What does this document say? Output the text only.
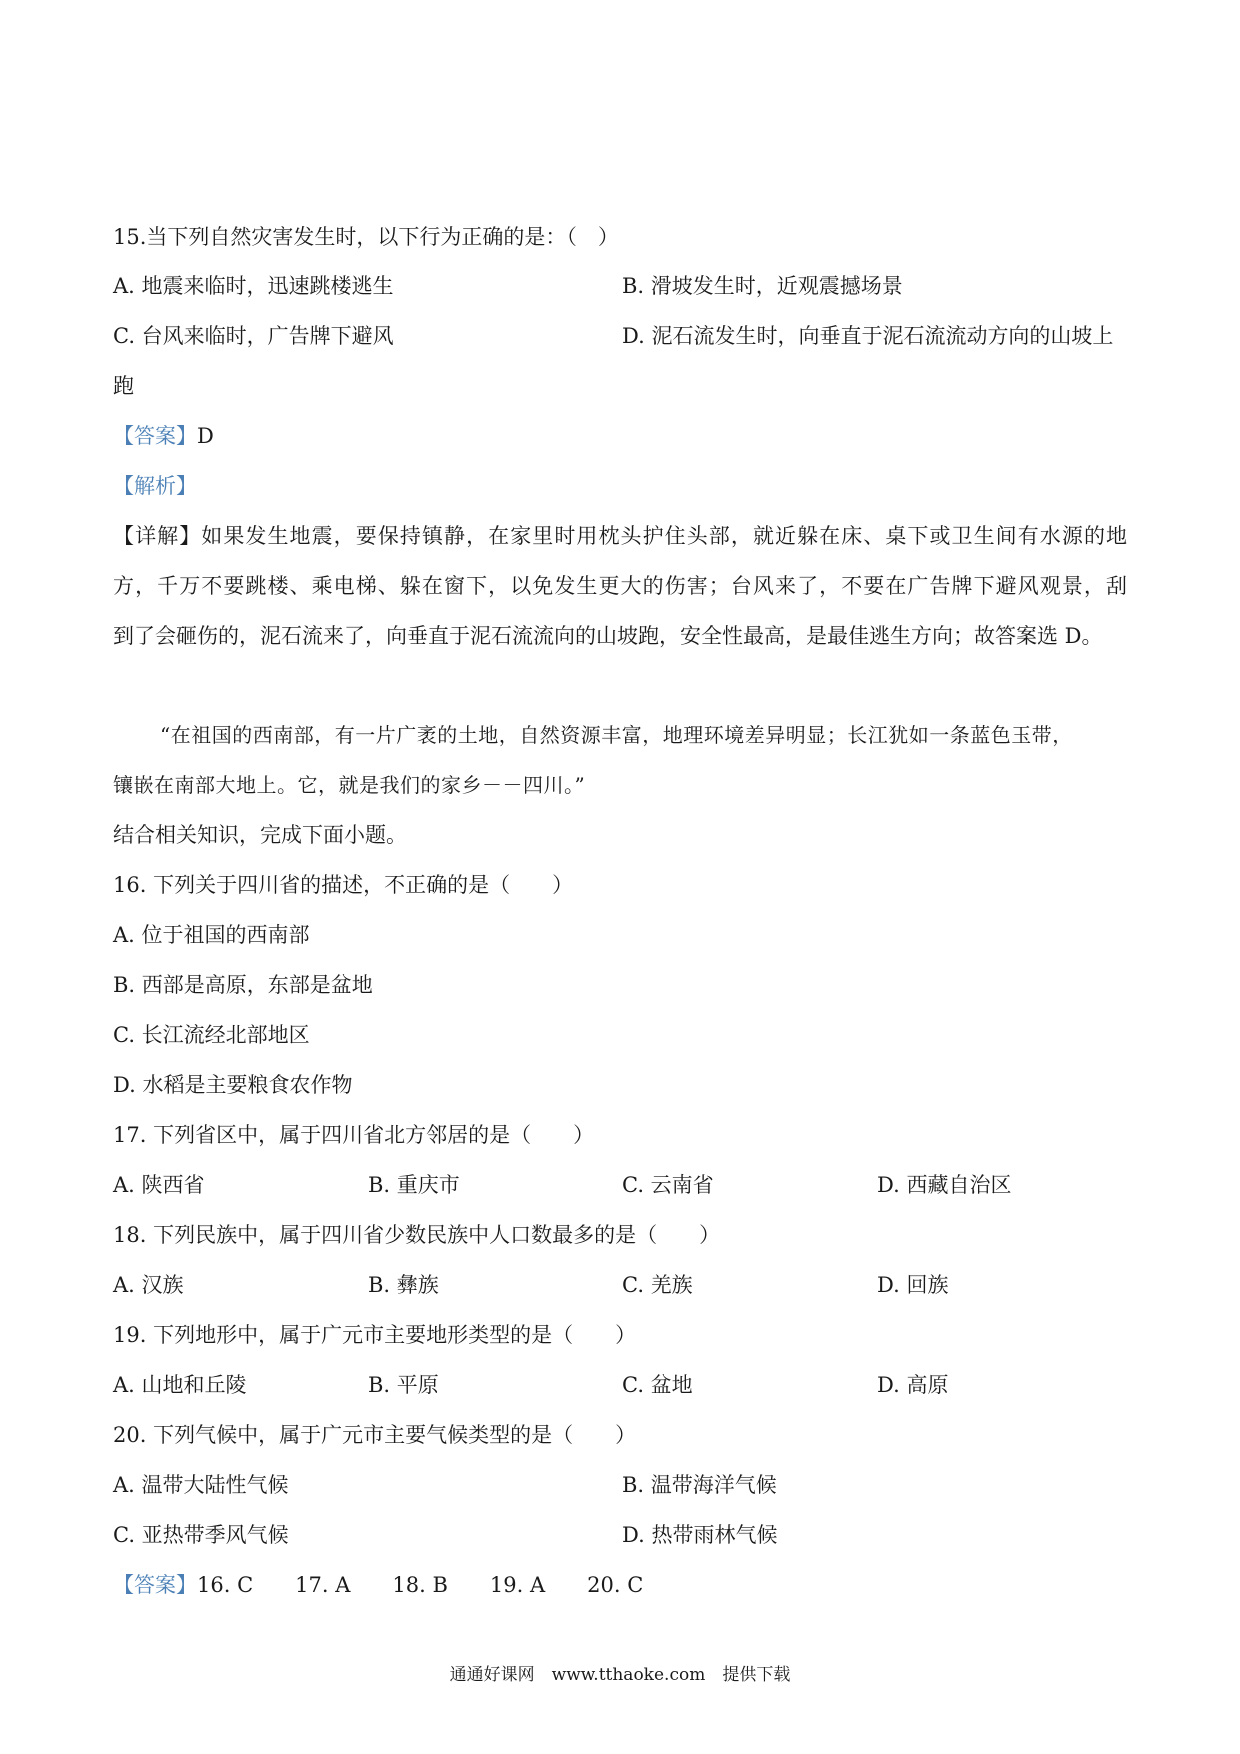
15.当下列自然灾害发生时，以下行为正确的是：（　）
A. 地震来临时，迅速跳楼逃生	B. 滑坡发生时，近观震撼场景
C. 台风来临时，广告牌下避风	D. 泥石流发生时，向垂直于泥石流流动方向的山坡上
跑
【答案】D
【解析】
【详解】如果发生地震，要保持镇静，在家里时用枕头护住头部，就近躲在床、桌下或卫生间有水源的地
方，千万不要跳楼、乘电梯、躲在窗下，以免发生更大的伤害；台风来了，不要在广告牌下避风观景，刮
到了会砸伤的，泥石流来了，向垂直于泥石流流向的山坡跑，安全性最高，是最佳逃生方向；故答案选 D。
“在祖国的西南部，有一片广袤的土地，自然资源丰富，地理环境差异明显；长江犹如一条蓝色玉带，
镶嵌在南部大地上。它，就是我们的家乡－－四川。”
结合相关知识，完成下面小题。
16. 下列关于四川省的描述，不正确的是（　　）
A. 位于祖国的西南部
B. 西部是高原，东部是盆地
C. 长江流经北部地区
D. 水稻是主要粮食农作物
17. 下列省区中，属于四川省北方邻居的是（　　）
A. 陕西省	B. 重庆市	C. 云南省	D. 西藏自治区
18. 下列民族中，属于四川省少数民族中人口数最多的是（　　）
A. 汉族	B. 彝族	C. 羌族	D. 回族
19. 下列地形中，属于广元市主要地形类型的是（　　）
A. 山地和丘陵	B. 平原	C. 盆地	D. 高原
20. 下列气候中，属于广元市主要气候类型的是（　　）
A. 温带大陆性气候	B. 温带海洋气候
C. 亚热带季风气候	D. 热带雨林气候
【答案】16. C 17. A 18. B 19. A 20. C
通通好课网　www.tthaoke.com　提供下载
